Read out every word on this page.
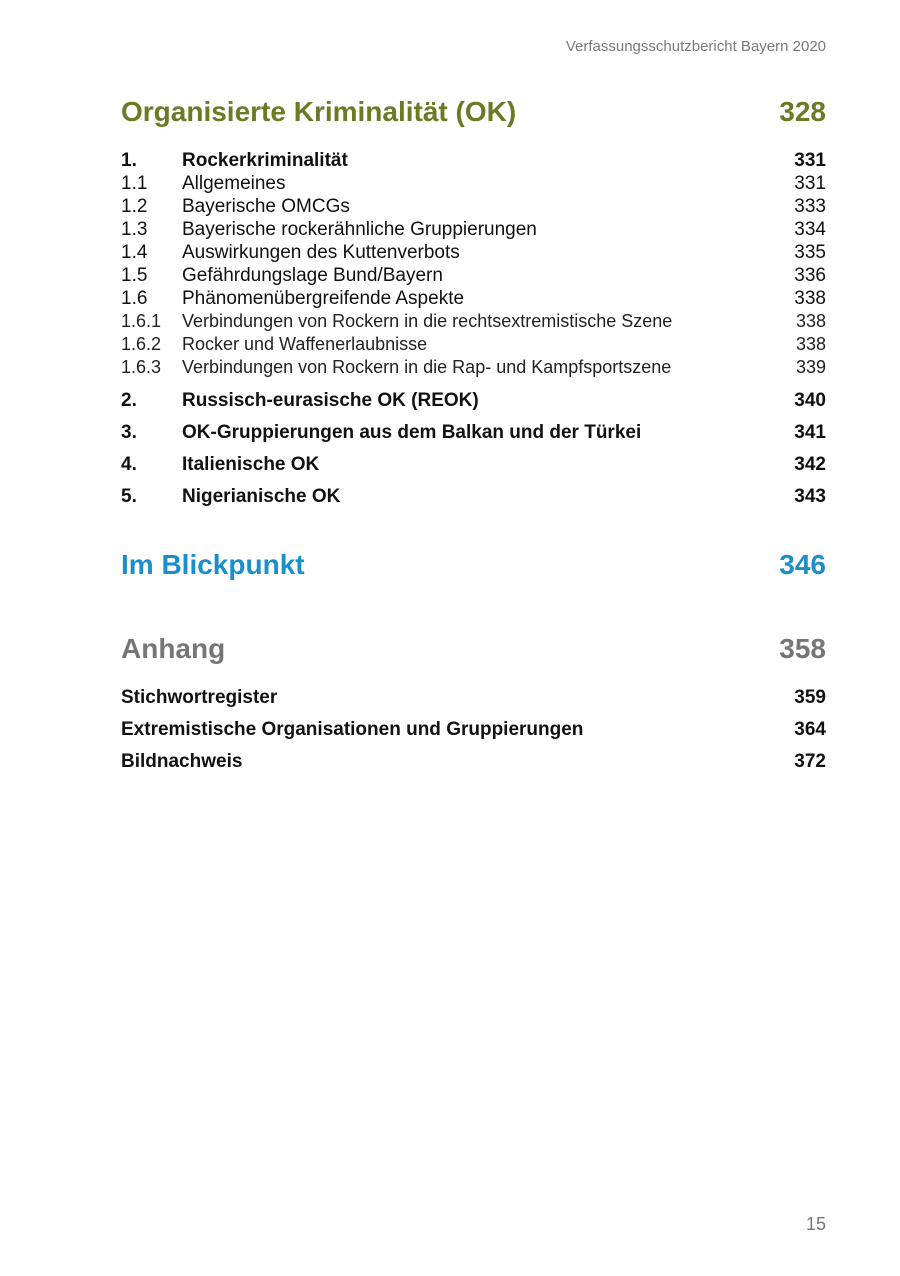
Verfassungsschutzbericht Bayern 2020
Organisierte Kriminalität (OK)	328
1.	Rockerkriminalität	331
1.1	Allgemeines	331
1.2	Bayerische OMCGs	333
1.3	Bayerische rockerähnliche Gruppierungen	334
1.4	Auswirkungen des Kuttenverbots	335
1.5	Gefährdungslage Bund/Bayern	336
1.6	Phänomenübergreifende Aspekte	338
1.6.1	Verbindungen von Rockern in die rechtsextremistische Szene	338
1.6.2	Rocker und Waffenerlaubnisse	338
1.6.3	Verbindungen von Rockern in die Rap- und Kampfsportszene	339
2.	Russisch-eurasische OK (REOK)	340
3.	OK-Gruppierungen aus dem Balkan und der Türkei	341
4.	Italienische OK	342
5.	Nigerianische OK	343
Im Blickpunkt	346
Anhang	358
Stichwortregister	359
Extremistische Organisationen und Gruppierungen	364
Bildnachweis	372
15
